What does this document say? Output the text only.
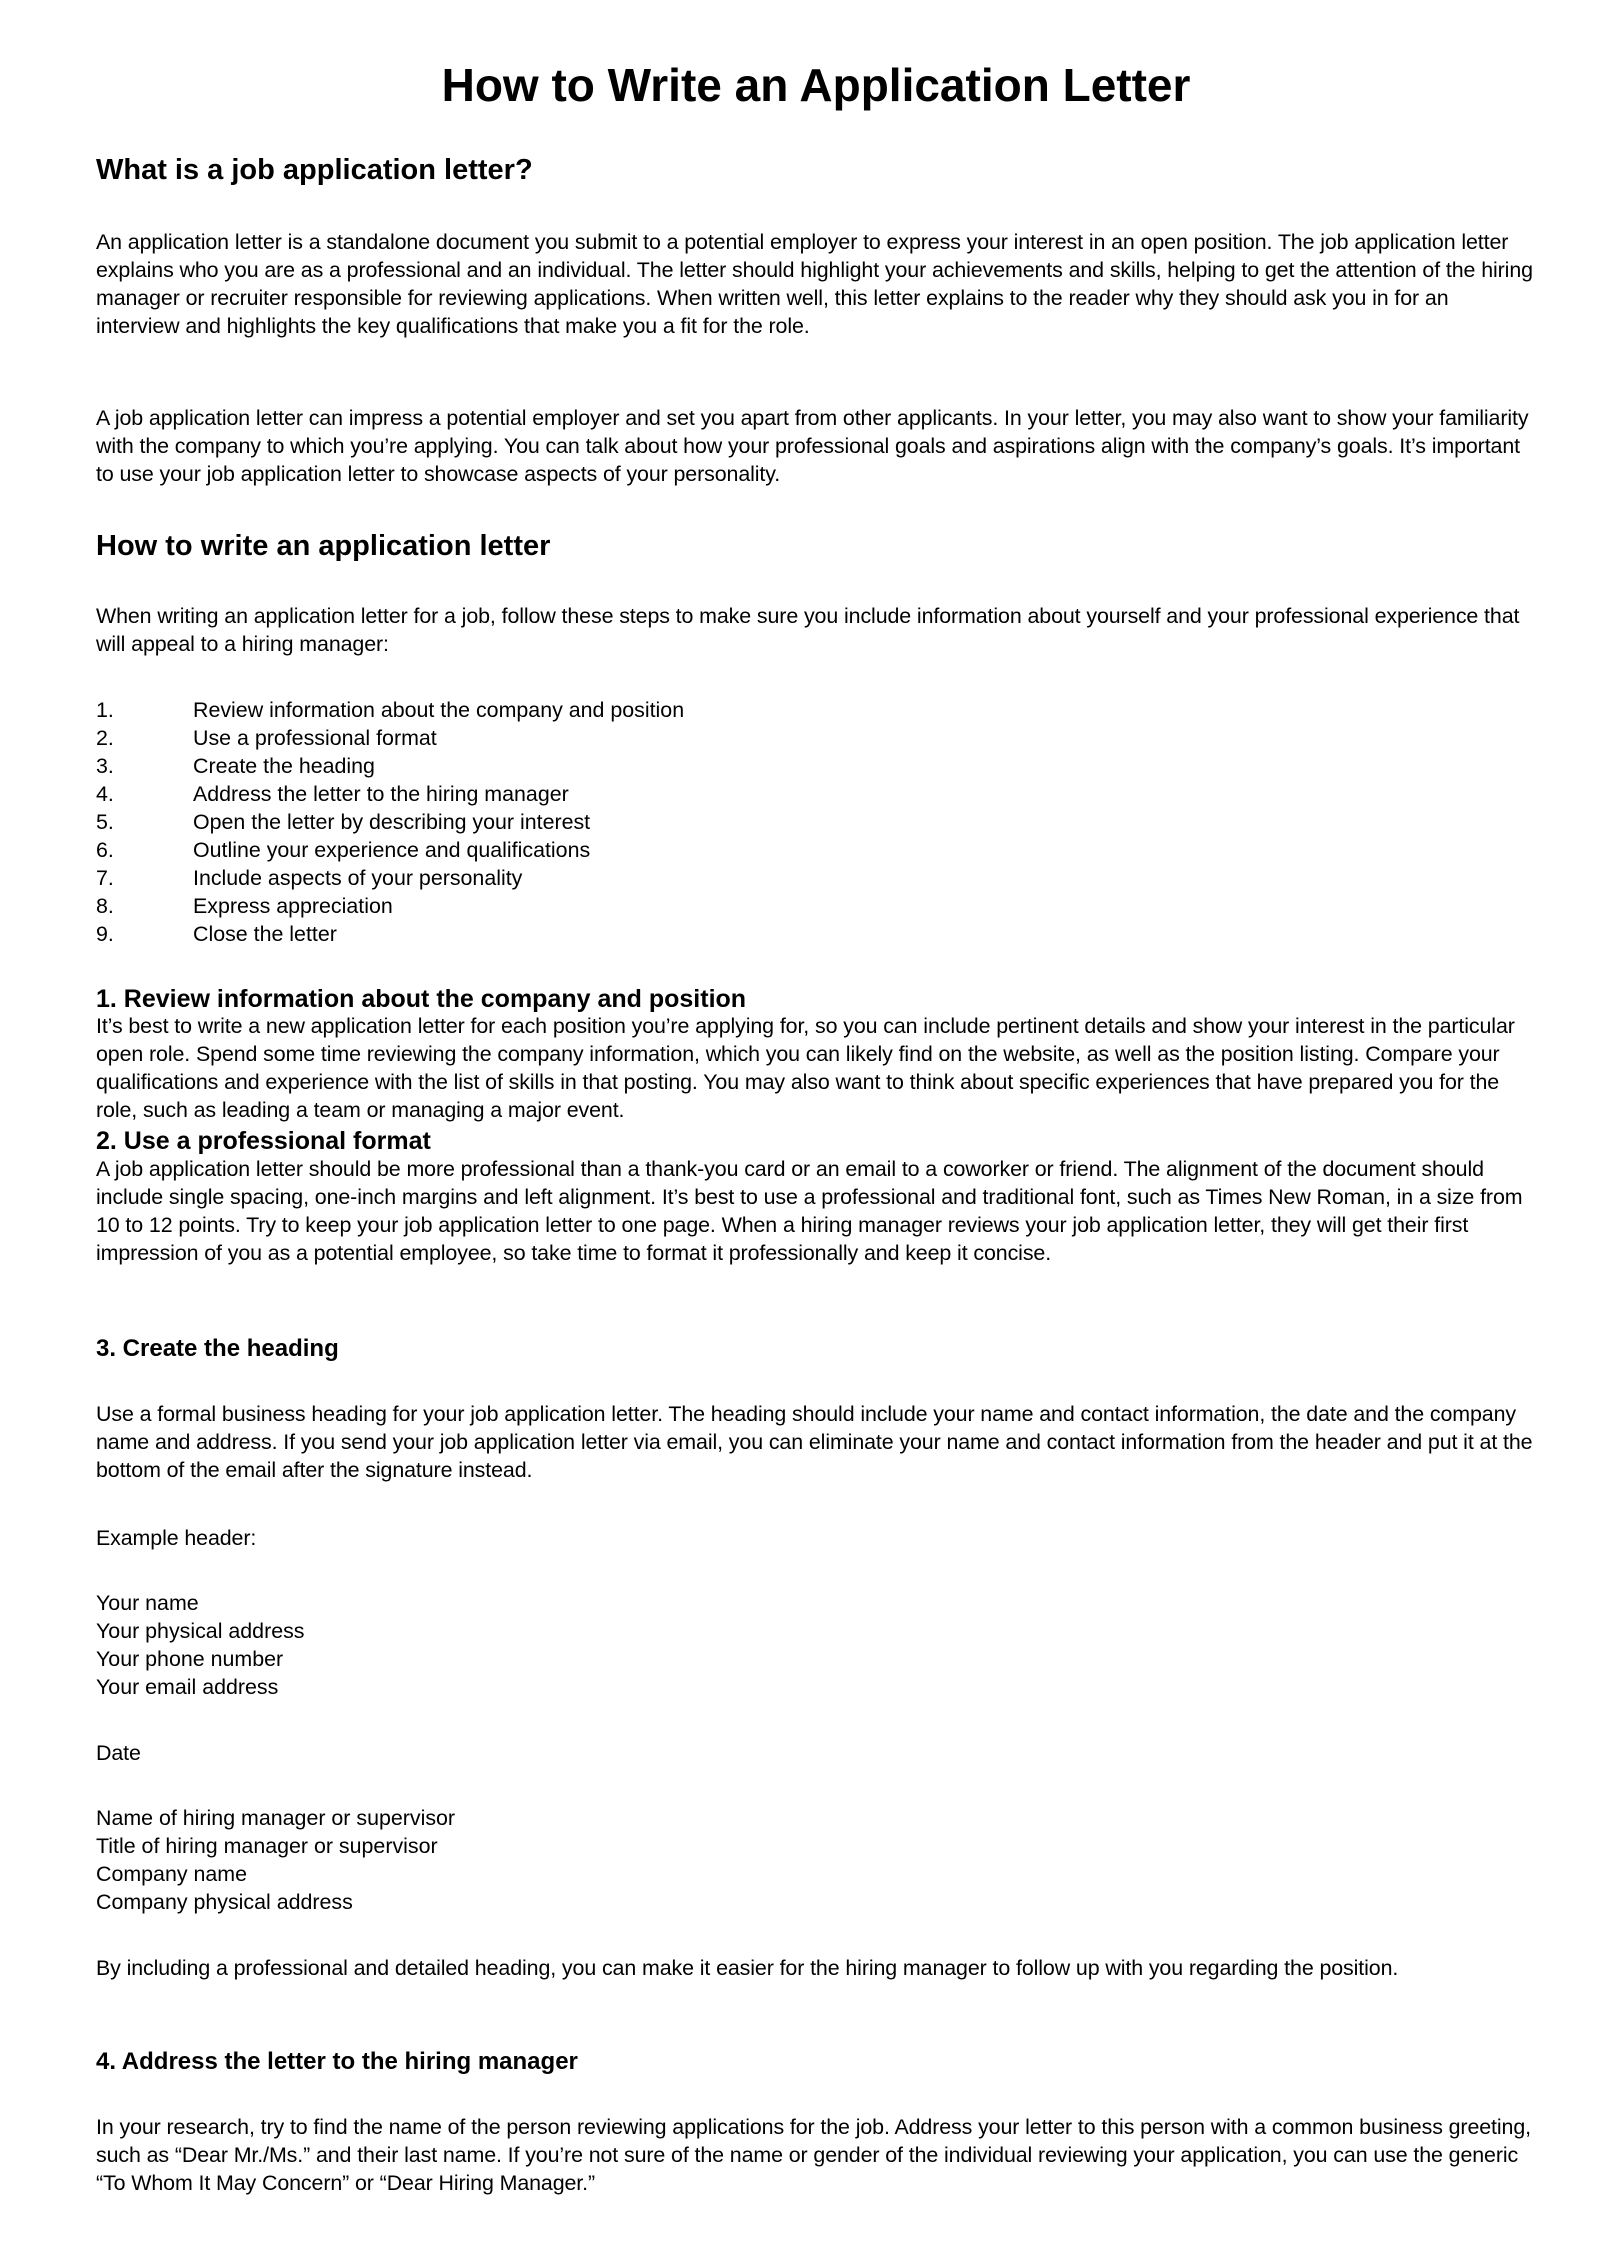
How to Write an Application Letter
What is a job application letter?

An application letter is a standalone document you submit to a potential employer to express your interest in an open position. The job application letter explains who you are as a professional and an individual. The letter should highlight your achievements and skills, helping to get the attention of the hiring manager or recruiter responsible for reviewing applications. When written well, this letter explains to the reader why they should ask you in for an interview and highlights the key qualifications that make you a fit for the role.

A job application letter can impress a potential employer and set you apart from other applicants. In your letter, you may also want to show your familiarity with the company to which you’re applying. You can talk about how your professional goals and aspirations align with the company’s goals. It’s important to use your job application letter to showcase aspects of your personality.

How to write an application letter

When writing an application letter for a job, follow these steps to make sure you include information about yourself and your professional experience that will appeal to a hiring manager:

1.	Review information about the company and position
2.	Use a professional format
3.	Create the heading
4.	Address the letter to the hiring manager
5.	Open the letter by describing your interest
6.	Outline your experience and qualifications
7.	Include aspects of your personality
8.	Express appreciation
9.	Close the letter
1. Review information about the company and position

It’s best to write a new application letter for each position you’re applying for, so you can include pertinent details and show your interest in the particular open role. Spend some time reviewing the company information, which you can likely find on the website, as well as the position listing. Compare your qualifications and experience with the list of skills in that posting. You may also want to think about specific experiences that have prepared you for the role, such as leading a team or managing a major event.

2. Use a professional format

A job application letter should be more professional than a thank-you card or an email to a coworker or friend. The alignment of the document should include single spacing, one-inch margins and left alignment. It’s best to use a professional and traditional font, such as Times New Roman, in a size from 10 to 12 points. Try to keep your job application letter to one page. When a hiring manager reviews your job application letter, they will get their first impression of you as a potential employee, so take time to format it professionally and keep it concise.

3. Create the heading

Use a formal business heading for your job application letter. The heading should include your name and contact information, the date and the company name and address. If you send your job application letter via email, you can eliminate your name and contact information from the header and put it at the bottom of the email after the signature instead.

Example header:

Your name
Your physical address
Your phone number
Your email address

Date

Name of hiring manager or supervisor
Title of hiring manager or supervisor
Company name
Company physical address

By including a professional and detailed heading, you can make it easier for the hiring manager to follow up with you regarding the position.

4. Address the letter to the hiring manager

In your research, try to find the name of the person reviewing applications for the job. Address your letter to this person with a common business greeting, such as “Dear Mr./Ms.” and their last name. If you’re not sure of the name or gender of the individual reviewing your application, you can use the generic “To Whom It May Concern” or “Dear Hiring Manager.”
